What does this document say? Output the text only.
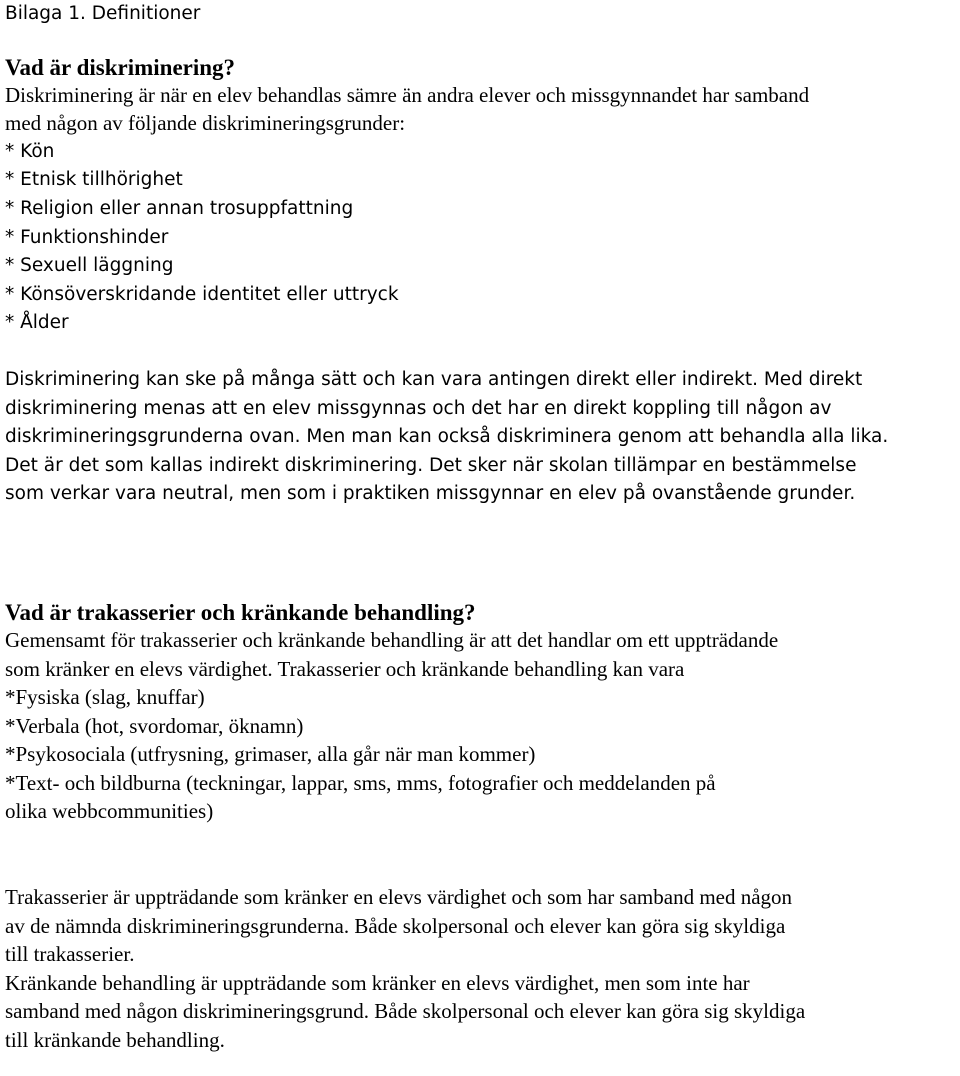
Bilaga 1. Definitioner
Vad är diskriminering?
Diskriminering är när en elev behandlas sämre än andra elever och missgynnandet har samband
med någon av följande diskrimineringsgrunder:
* Kön
* Etnisk tillhörighet
* Religion eller annan trosuppfattning
* Funktionshinder
* Sexuell läggning
* Könsöverskridande identitet eller uttryck
* Ålder
Diskriminering kan ske på många sätt och kan vara antingen direkt eller indirekt. Med direkt
diskriminering menas att en elev missgynnas och det har en direkt koppling till någon av
diskrimineringsgrunderna ovan. Men man kan också diskriminera genom att behandla alla lika.
Det är det som kallas indirekt diskriminering. Det sker när skolan tillämpar en bestämmelse
som verkar vara neutral, men som i praktiken missgynnar en elev på ovanstående grunder.
Vad är trakasserier och kränkande behandling?
Gemensamt för trakasserier och kränkande behandling är att det handlar om ett uppträdande
som kränker en elevs värdighet. Trakasserier och kränkande behandling kan vara
*Fysiska (slag, knuffar)
*Verbala (hot, svordomar, öknamn)
*Psykosociala (utfrysning, grimaser, alla går när man kommer)
*Text- och bildburna (teckningar, lappar, sms, mms, fotografier och meddelanden på
olika webbcommunities)
Trakasserier är uppträdande som kränker en elevs värdighet och som har samband med någon
av de nämnda diskrimineringsgrunderna. Både skolpersonal och elever kan göra sig skyldiga
till trakasserier.
Kränkande behandling är uppträdande som kränker en elevs värdighet, men som inte har
samband med någon diskrimineringsgrund. Både skolpersonal och elever kan göra sig skyldiga
till kränkande behandling.
